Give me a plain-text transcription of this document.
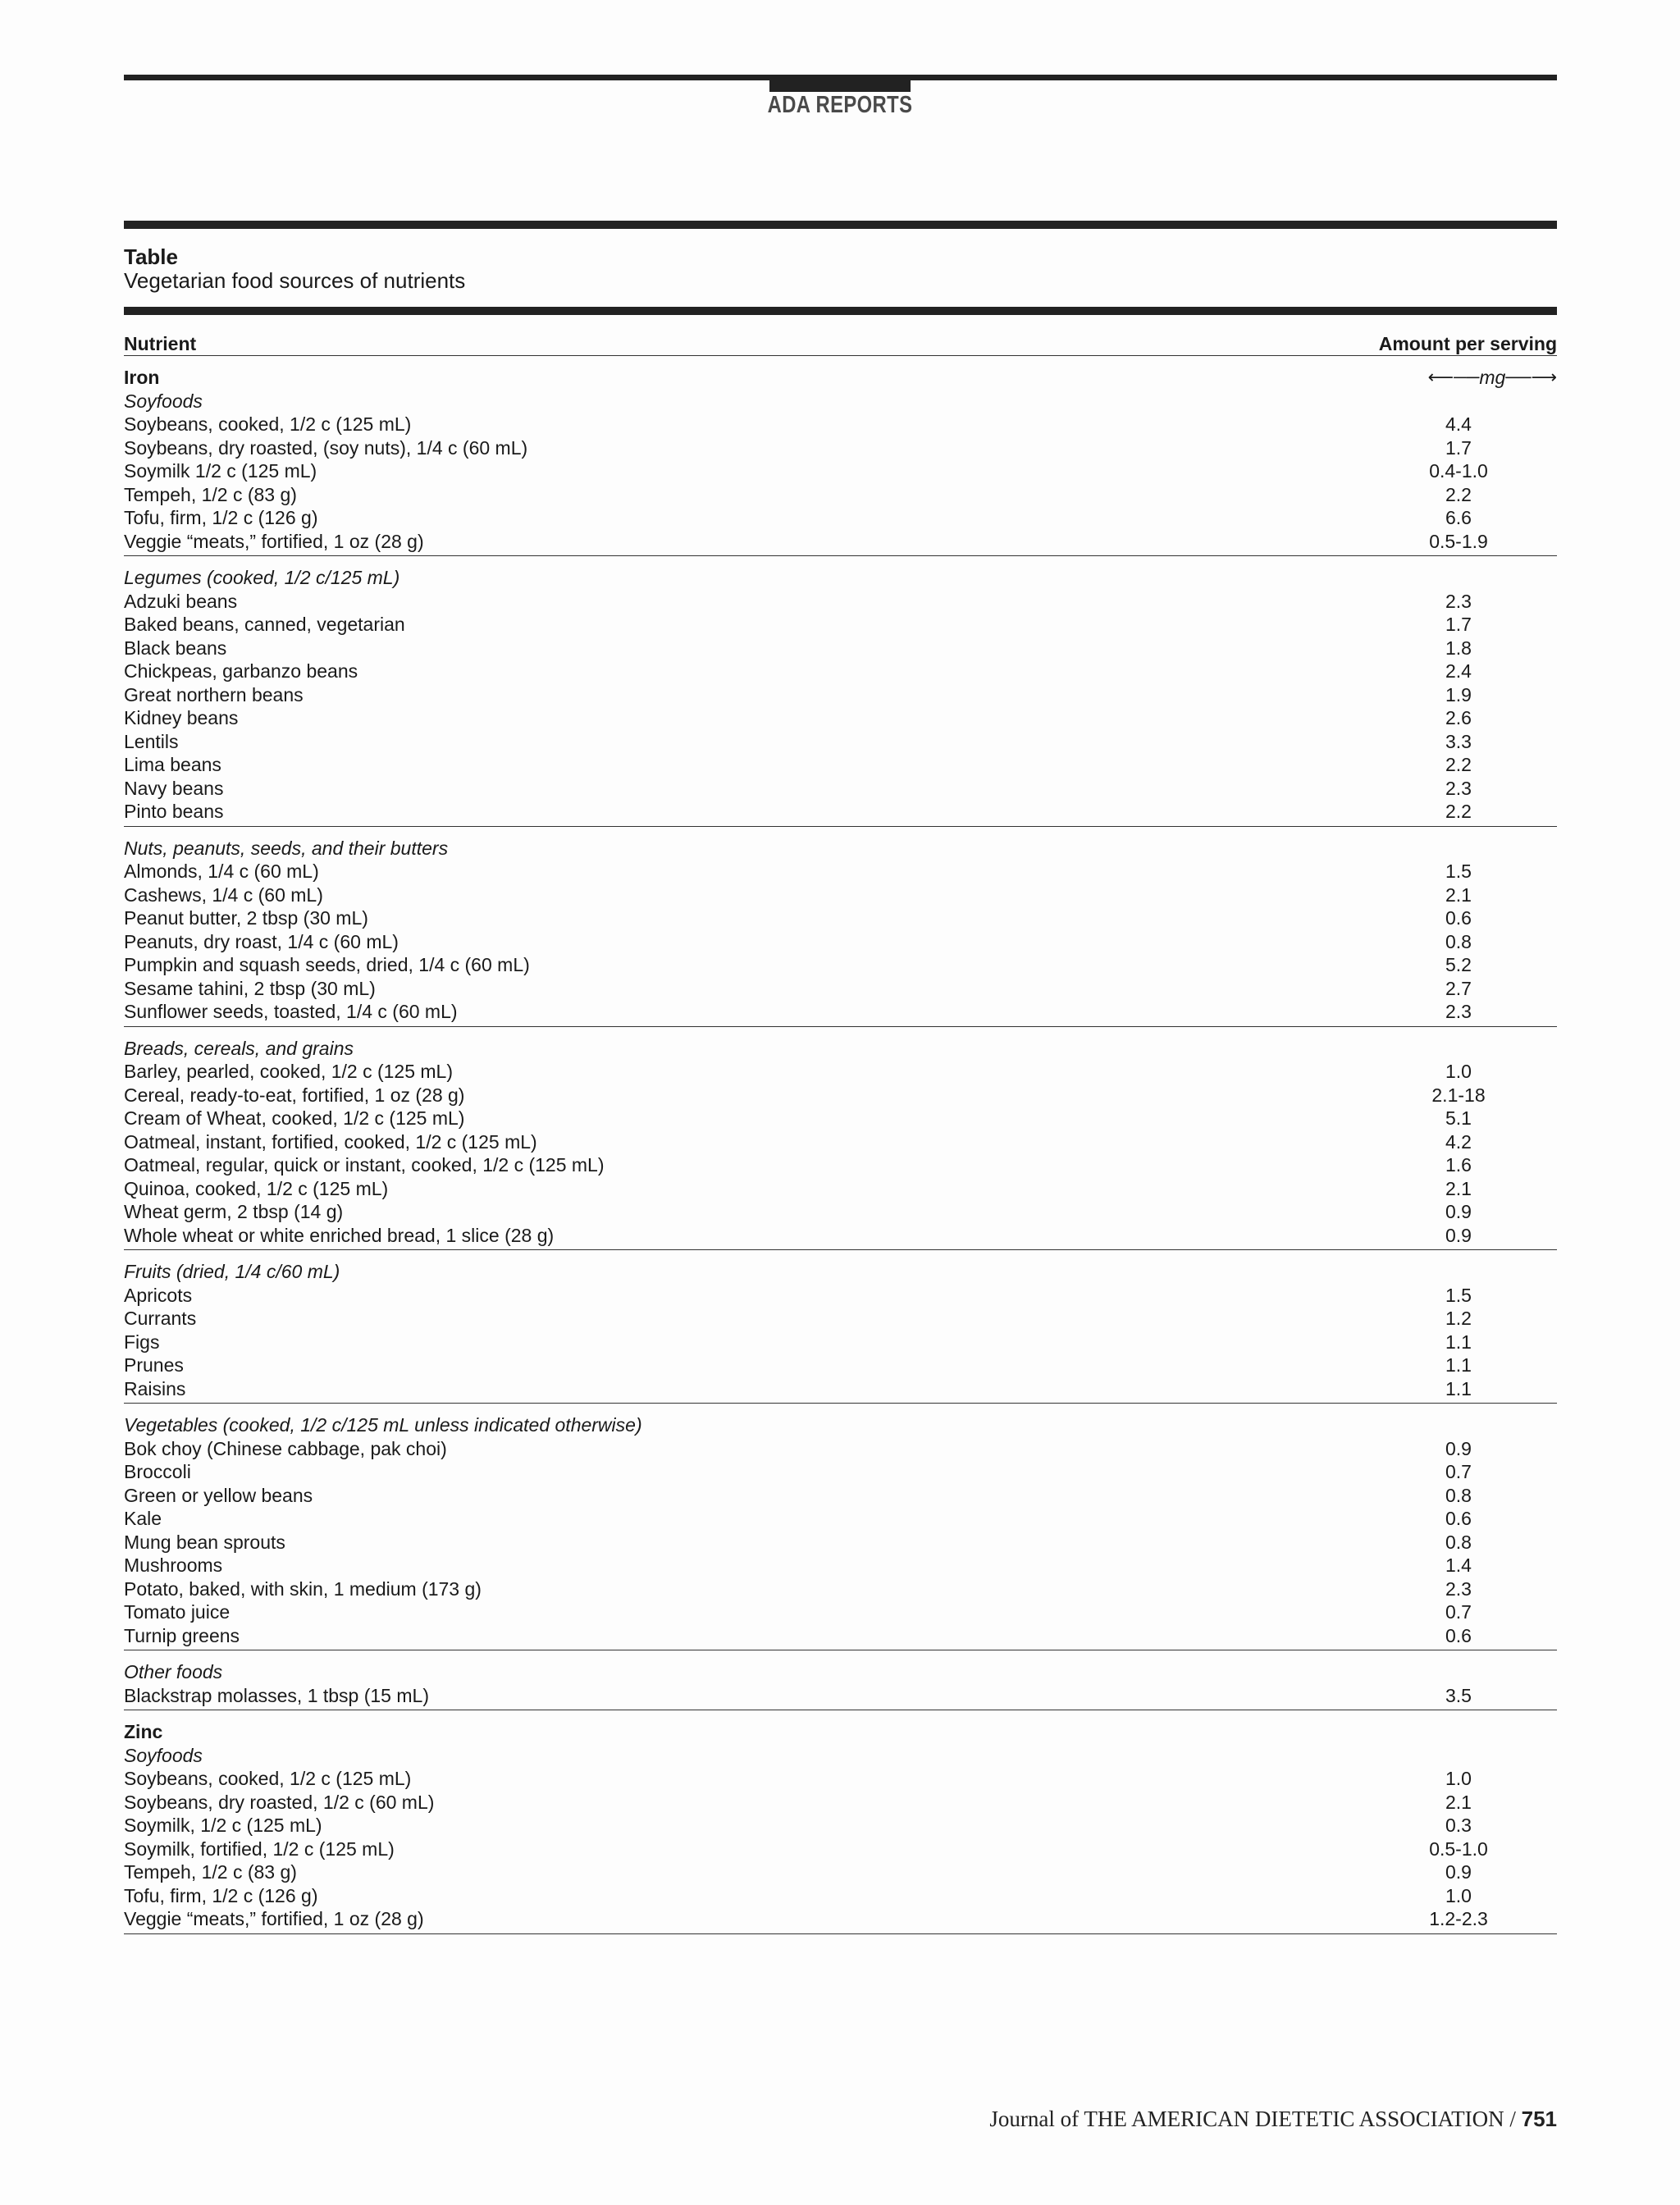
ADA REPORTS
Table
Vegetarian food sources of nutrients
Nutrient	Amount per serving
Iron	⟵── mg ──⟶
Soyfoods
Soybeans, cooked, 1/2 c (125 mL)	4.4
Soybeans, dry roasted, (soy nuts), 1/4 c (60 mL)	1.7
Soymilk 1/2 c (125 mL)	0.4-1.0
Tempeh, 1/2 c (83 g)	2.2
Tofu, firm, 1/2 c (126 g)	6.6
Veggie “meats,” fortified, 1 oz (28 g)	0.5-1.9
Legumes (cooked, 1/2 c/125 mL)
Adzuki beans	2.3
Baked beans, canned, vegetarian	1.7
Black beans	1.8
Chickpeas, garbanzo beans	2.4
Great northern beans	1.9
Kidney beans	2.6
Lentils	3.3
Lima beans	2.2
Navy beans	2.3
Pinto beans	2.2
Nuts, peanuts, seeds, and their butters
Almonds, 1/4 c (60 mL)	1.5
Cashews, 1/4 c (60 mL)	2.1
Peanut butter, 2 tbsp (30 mL)	0.6
Peanuts, dry roast, 1/4 c (60 mL)	0.8
Pumpkin and squash seeds, dried, 1/4 c (60 mL)	5.2
Sesame tahini, 2 tbsp (30 mL)	2.7
Sunflower seeds, toasted, 1/4 c (60 mL)	2.3
Breads, cereals, and grains
Barley, pearled, cooked, 1/2 c (125 mL)	1.0
Cereal, ready-to-eat, fortified, 1 oz (28 g)	2.1-18
Cream of Wheat, cooked, 1/2 c (125 mL)	5.1
Oatmeal, instant, fortified, cooked, 1/2 c (125 mL)	4.2
Oatmeal, regular, quick or instant, cooked, 1/2 c (125 mL)	1.6
Quinoa, cooked, 1/2 c (125 mL)	2.1
Wheat germ, 2 tbsp (14 g)	0.9
Whole wheat or white enriched bread, 1 slice (28 g)	0.9
Fruits (dried, 1/4 c/60 mL)
Apricots	1.5
Currants	1.2
Figs	1.1
Prunes	1.1
Raisins	1.1
Vegetables (cooked, 1/2 c/125 mL unless indicated otherwise)
Bok choy (Chinese cabbage, pak choi)	0.9
Broccoli	0.7
Green or yellow beans	0.8
Kale	0.6
Mung bean sprouts	0.8
Mushrooms	1.4
Potato, baked, with skin, 1 medium (173 g)	2.3
Tomato juice	0.7
Turnip greens	0.6
Other foods
Blackstrap molasses, 1 tbsp (15 mL)	3.5
Zinc
Soyfoods
Soybeans, cooked, 1/2 c (125 mL)	1.0
Soybeans, dry roasted, 1/2 c (60 mL)	2.1
Soymilk, 1/2 c (125 mL)	0.3
Soymilk, fortified, 1/2 c (125 mL)	0.5-1.0
Tempeh, 1/2 c (83 g)	0.9
Tofu, firm, 1/2 c (126 g)	1.0
Veggie “meats,” fortified, 1 oz (28 g)	1.2-2.3
Journal of THE AMERICAN DIETETIC ASSOCIATION / 751
